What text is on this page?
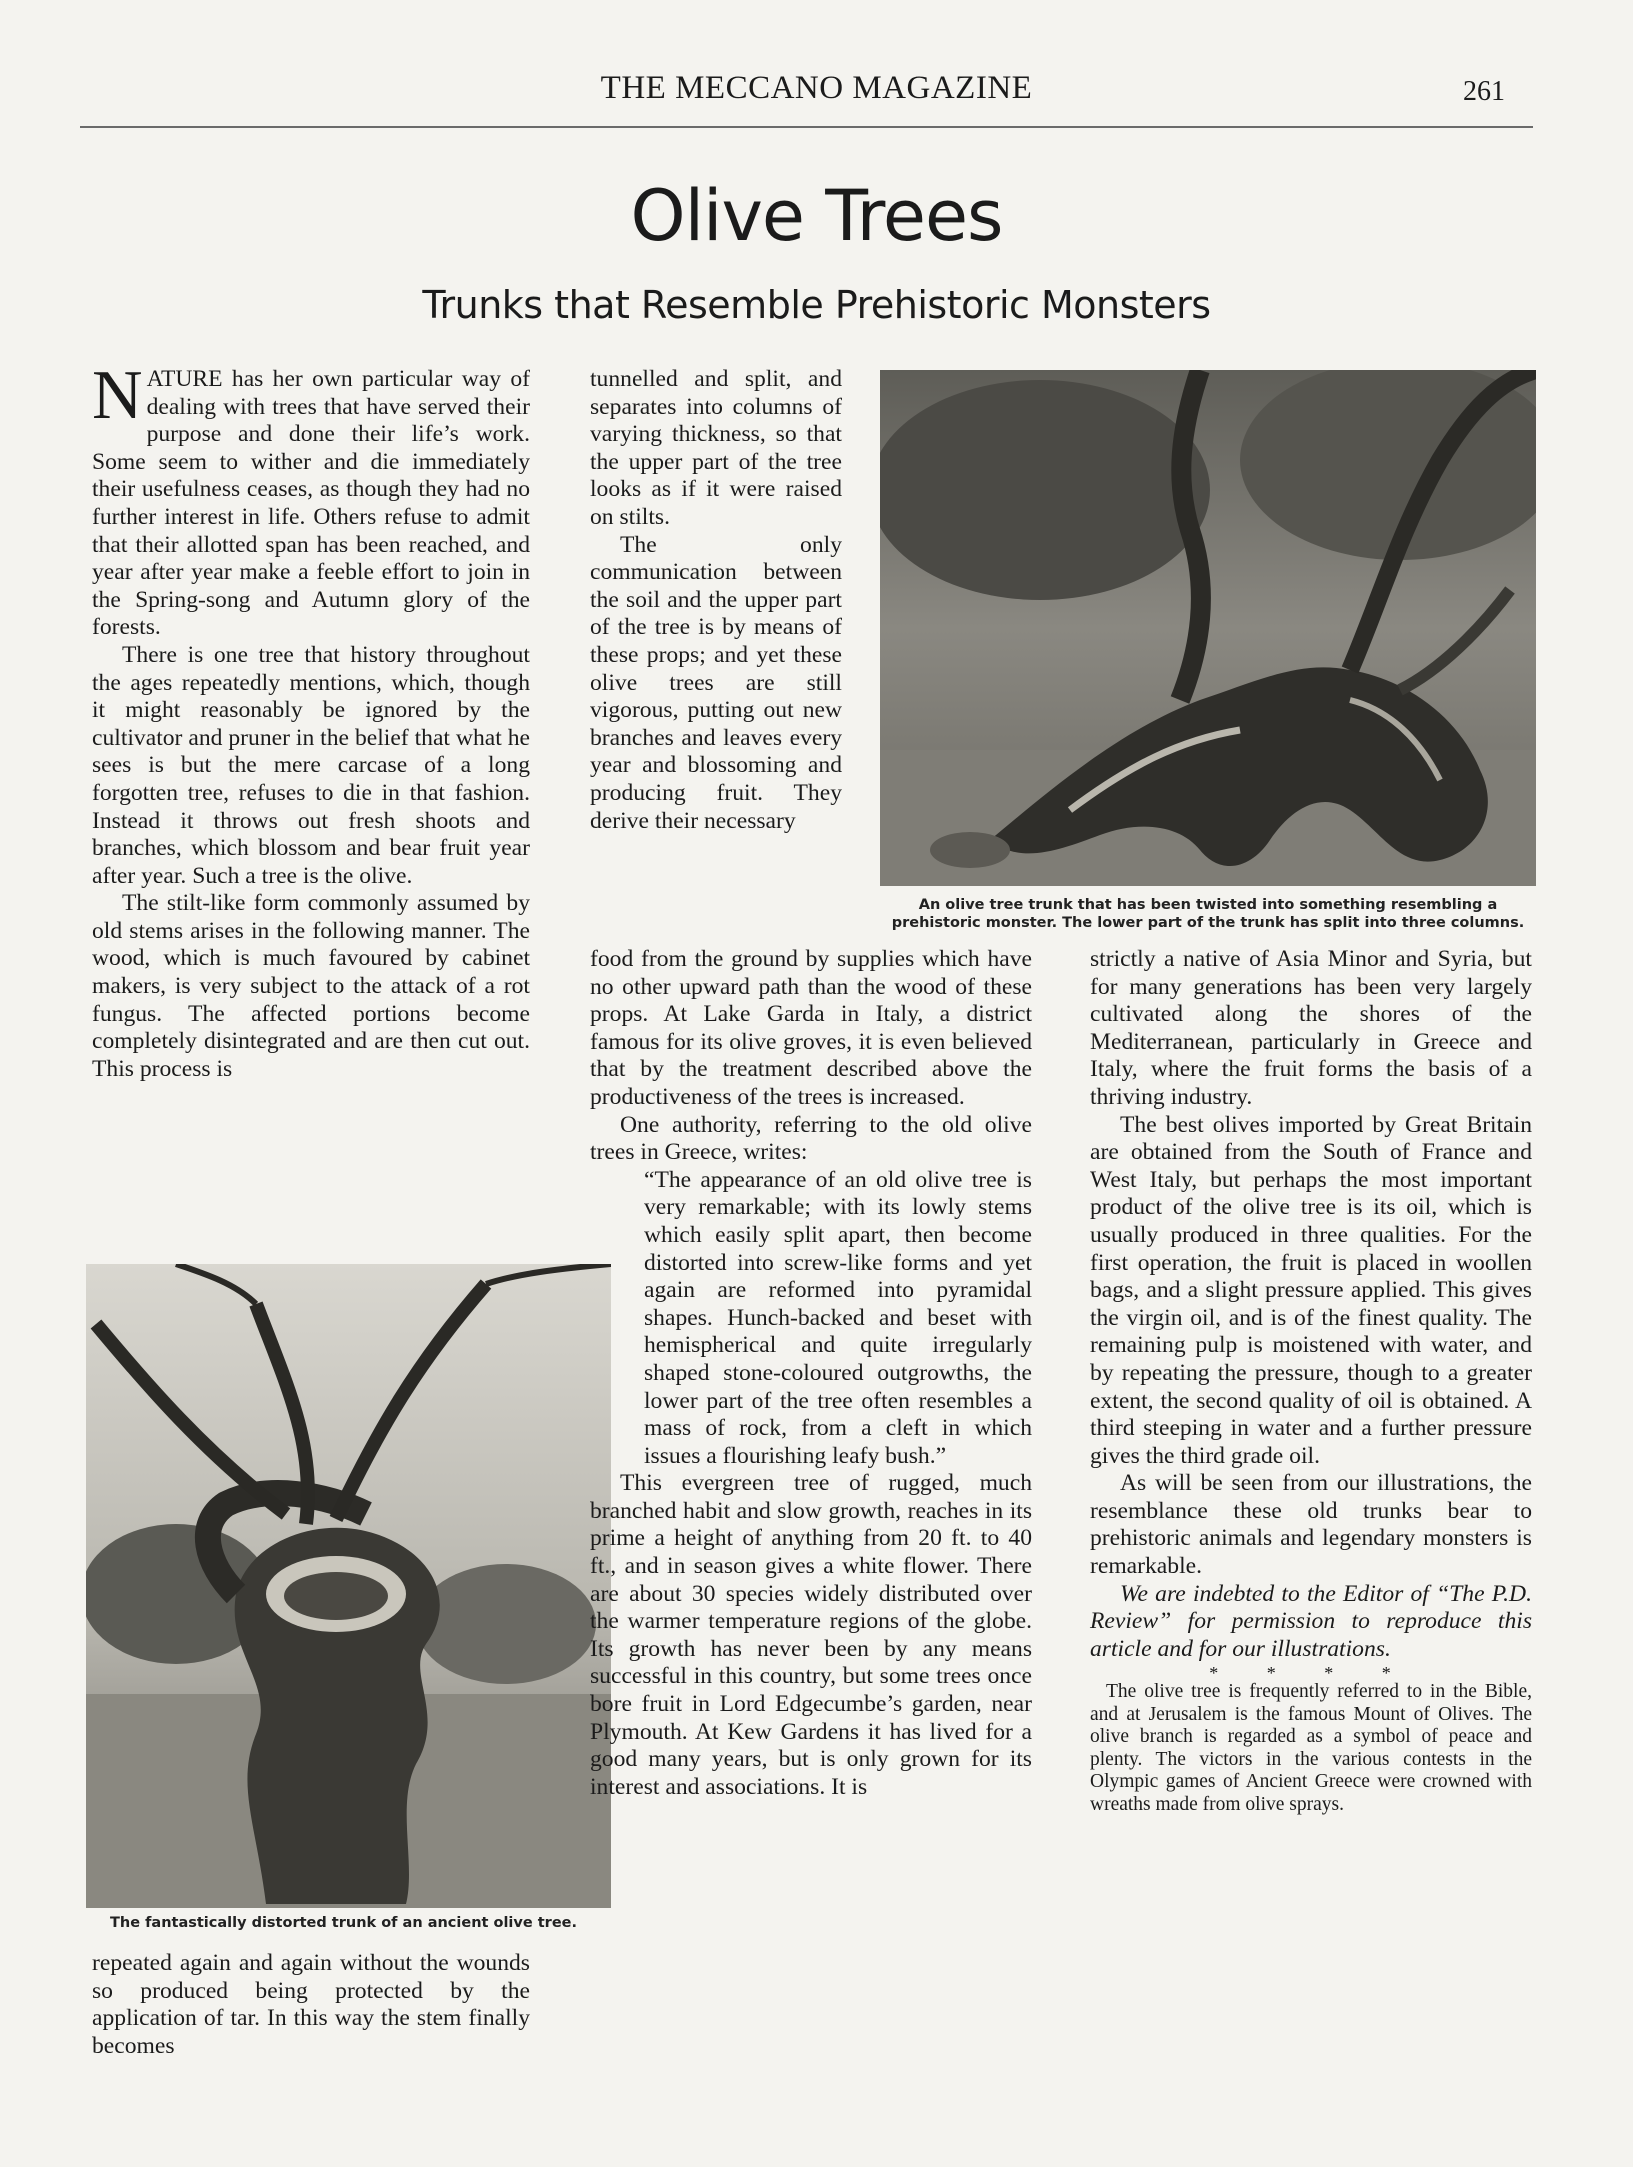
THE MECCANO MAGAZINE	261
Olive Trees
Trunks that Resemble Prehistoric Monsters

NATURE has her own particular way of dealing with trees that have served their purpose and done their life’s work. Some seem to wither and die immediately their usefulness ceases, as though they had no further interest in life. Others refuse to admit that their allotted span has been reached, and year after year make a feeble effort to join in the Spring-song and Autumn glory of the forests.

There is one tree that history throughout the ages repeatedly mentions, which, though it might reasonably be ignored by the cultivator and pruner in the belief that what he sees is but the mere carcase of a long forgotten tree, refuses to die in that fashion. Instead it throws out fresh shoots and branches, which blossom and bear fruit year after year. Such a tree is the olive.

The stilt-like form commonly assumed by old stems arises in the following manner. The wood, which is much favoured by cabinet makers, is very subject to the attack of a rot fungus. The affected portions become completely disintegrated and are then cut out. This process is

The fantastically distorted trunk of an ancient olive tree.

repeated again and again without the wounds so produced being protected by the application of tar. In this way the stem finally becomes

tunnelled and split, and separates into columns of varying thickness, so that the upper part of the tree looks as if it were raised on stilts.

The only communication between the soil and the upper part of the tree is by means of these props; and yet these olive trees are still vigorous, putting out new branches and leaves every year and blossoming and producing fruit. They derive their necessary

An olive tree trunk that has been twisted into something resembling a prehistoric monster. The lower part of the trunk has split into three columns.

food from the ground by supplies which have no other upward path than the wood of these props. At Lake Garda in Italy, a district famous for its olive groves, it is even believed that by the treatment described above the productiveness of the trees is increased.

One authority, referring to the old olive trees in Greece, writes:

“The appearance of an old olive tree is very remarkable; with its lowly stems which easily split apart, then become distorted into screw-like forms and yet again are reformed into pyramidal shapes. Hunch-backed and beset with hemispherical and quite irregularly shaped stone-coloured outgrowths, the lower part of the tree often resembles a mass of rock, from a cleft in which issues a flourishing leafy bush.”

This evergreen tree of rugged, much branched habit and slow growth, reaches in its prime a height of anything from 20 ft. to 40 ft., and in season gives a white flower. There are about 30 species widely distributed over the warmer temperature regions of the globe. Its growth has never been by any means successful in this country, but some trees once bore fruit in Lord Edgecumbe’s garden, near Plymouth. At Kew Gardens it has lived for a good many years, but is only grown for its interest and associations. It is

strictly a native of Asia Minor and Syria, but for many generations has been very largely cultivated along the shores of the Mediterranean, particularly in Greece and Italy, where the fruit forms the basis of a thriving industry.

The best olives imported by Great Britain are obtained from the South of France and West Italy, but perhaps the most important product of the olive tree is its oil, which is usually produced in three qualities. For the first operation, the fruit is placed in woollen bags, and a slight pressure applied. This gives the virgin oil, and is of the finest quality. The remaining pulp is moistened with water, and by repeating the pressure, though to a greater extent, the second quality of oil is obtained. A third steeping in water and a further pressure gives the third grade oil.

As will be seen from our illustrations, the resemblance these old trunks bear to prehistoric animals and legendary monsters is remarkable.

We are indebted to the Editor of “The P.D. Review” for permission to reproduce this article and for our illustrations.

* * * *

The olive tree is frequently referred to in the Bible, and at Jerusalem is the famous Mount of Olives. The olive branch is regarded as a symbol of peace and plenty. The victors in the various contests in the Olympic games of Ancient Greece were crowned with wreaths made from olive sprays.
